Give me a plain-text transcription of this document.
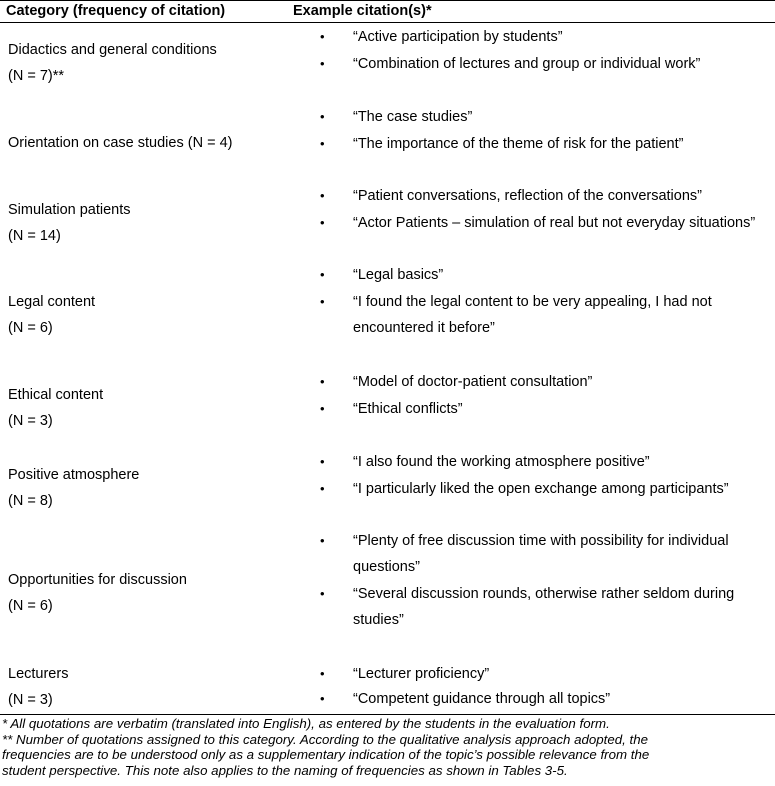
Category (frequency of citation)	Example citation(s)*
Didactics and general conditions
(N = 7)**
• “Active participation by students”
• “Combination of lectures and group or individual work”
Orientation on case studies (N = 4)
• “The case studies”
• “The importance of the theme of risk for the patient”
Simulation patients
(N = 14)
• “Patient conversations, reflection of the conversations”
• “Actor Patients – simulation of real but not everyday situations”
Legal content
(N = 6)
• “Legal basics”
• “I found the legal content to be very appealing, I had not
encountered it before”
Ethical content
(N = 3)
• “Model of doctor-patient consultation”
• “Ethical conflicts”
Positive atmosphere
(N = 8)
• “I also found the working atmosphere positive”
• “I particularly liked the open exchange among participants”
Opportunities for discussion
(N = 6)
• “Plenty of free discussion time with possibility for individual
questions”
• “Several discussion rounds, otherwise rather seldom during
studies”
Lecturers
(N = 3)
• “Lecturer proficiency”
• “Competent guidance through all topics”
* All quotations are verbatim (translated into English), as entered by the students in the evaluation form.
** Number of quotations assigned to this category. According to the qualitative analysis approach adopted, the
frequencies are to be understood only as a supplementary indication of the topic’s possible relevance from the
student perspective. This note also applies to the naming of frequencies as shown in Tables 3-5.
